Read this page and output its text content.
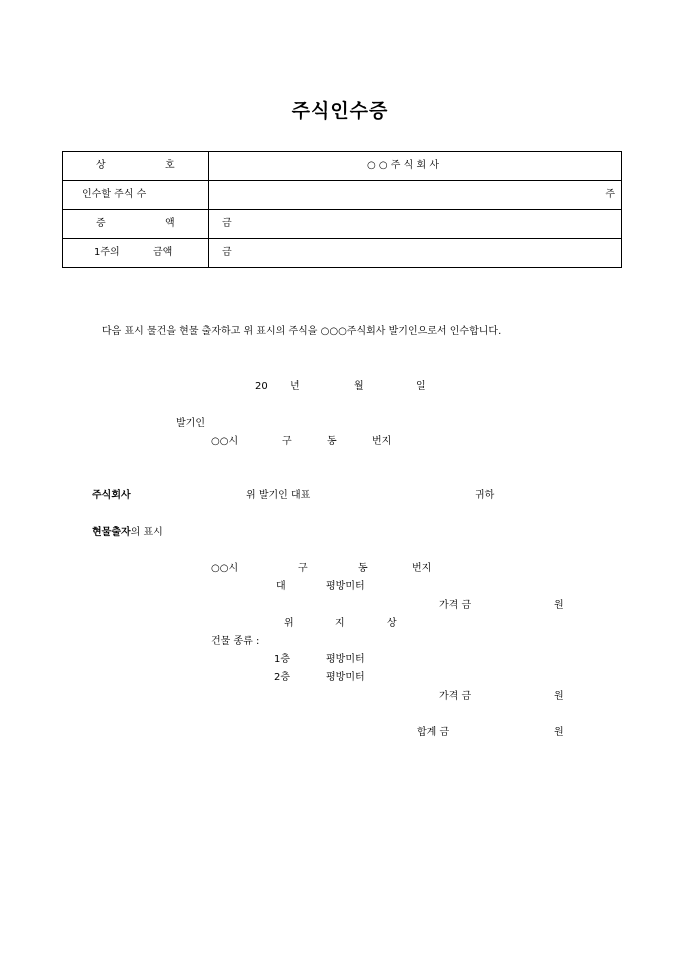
주식인수증
상 호	○ ○ 주 식 회 사

인수할 주식 수	주

증 액	금

1주의 금액	금
다음 표시 물건을 현물 출자하고 위 표시의 주식을 ○○○주식회사 발기인으로서 인수합니다.
20 년	월	일
발기인
○○시	구	동	번지
주식회사	위 발기인 대표	귀하
현물출자의 표시
○○시	구	동	번지
대	평방미터
가격 금	원
위	지	상
건물 종류 :
1층	평방미터
2층	평방미터
가격 금	원
합계 금	원
